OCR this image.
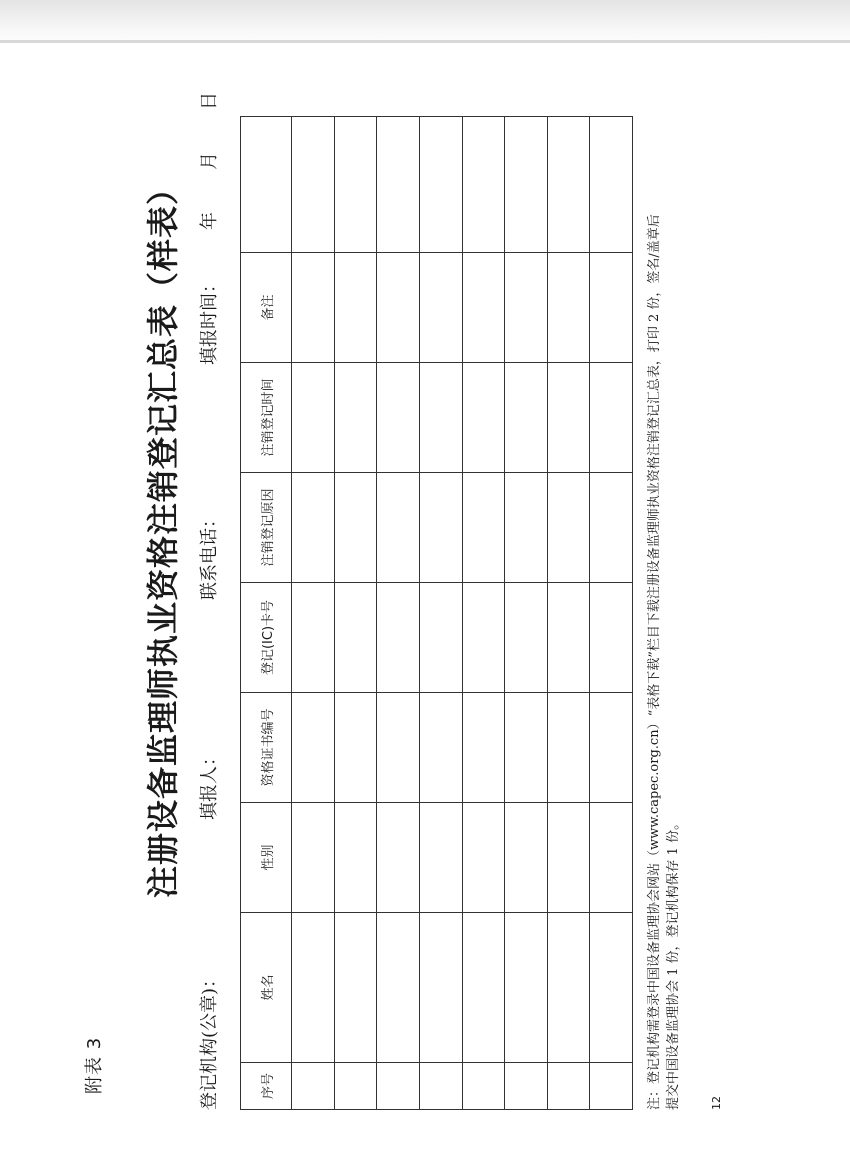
附表 3
注册设备监理师执业资格注销登记汇总表（样表）
登记机构(公章)：
填报人：
联系电话：
填报时间：
年月日
序号	姓名	性别	资格证书编号	登记(IC)卡号	注销登记原因	注销登记时间	备注	

									注：登记机构需登录中国设备监理协会网站（www.capec.org.cn）“表格下载”栏目下载注册设备监理师执业资格注销登记汇总表，打印 2 份，签名/盖章后 提交中国设备监理协会 1 份，登记机构保存 1 份。	12
